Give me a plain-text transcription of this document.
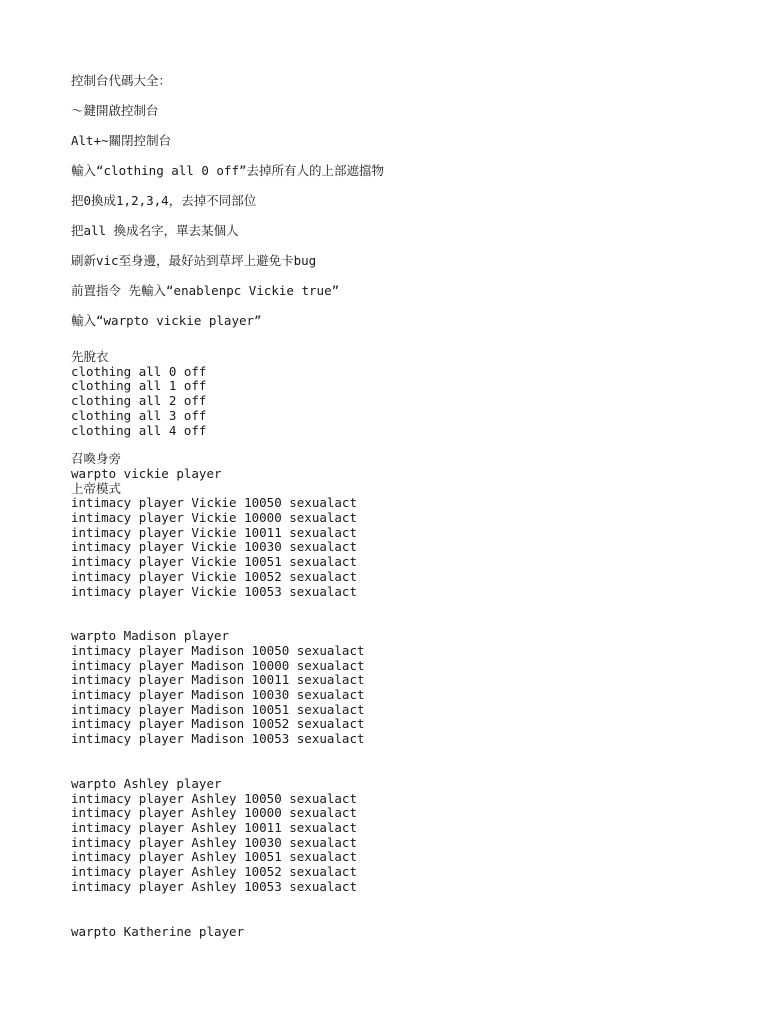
控制台代碼大全：

～鍵開啟控制台

Alt+~關閉控制台

輸入“clothing all 0 off”去掉所有人的上部遮擋物

把0換成1,2,3,4，去掉不同部位

把all 換成名字，單去某個人

刷新vic至身邊，最好站到草坪上避免卡bug

前置指令 先輸入“enablenpc Vickie true”

輸入“warpto vickie player”

先脫衣
clothing all 0 off
clothing all 1 off
clothing all 2 off
clothing all 3 off
clothing all 4 off
召喚身旁
warpto vickie player
上帝模式
intimacy player Vickie 10050 sexualact
intimacy player Vickie 10000 sexualact
intimacy player Vickie 10011 sexualact
intimacy player Vickie 10030 sexualact
intimacy player Vickie 10051 sexualact
intimacy player Vickie 10052 sexualact
intimacy player Vickie 10053 sexualact
warpto Madison player
intimacy player Madison 10050 sexualact
intimacy player Madison 10000 sexualact
intimacy player Madison 10011 sexualact
intimacy player Madison 10030 sexualact
intimacy player Madison 10051 sexualact
intimacy player Madison 10052 sexualact
intimacy player Madison 10053 sexualact
warpto Ashley player
intimacy player Ashley 10050 sexualact
intimacy player Ashley 10000 sexualact
intimacy player Ashley 10011 sexualact
intimacy player Ashley 10030 sexualact
intimacy player Ashley 10051 sexualact
intimacy player Ashley 10052 sexualact
intimacy player Ashley 10053 sexualact
warpto Katherine player
